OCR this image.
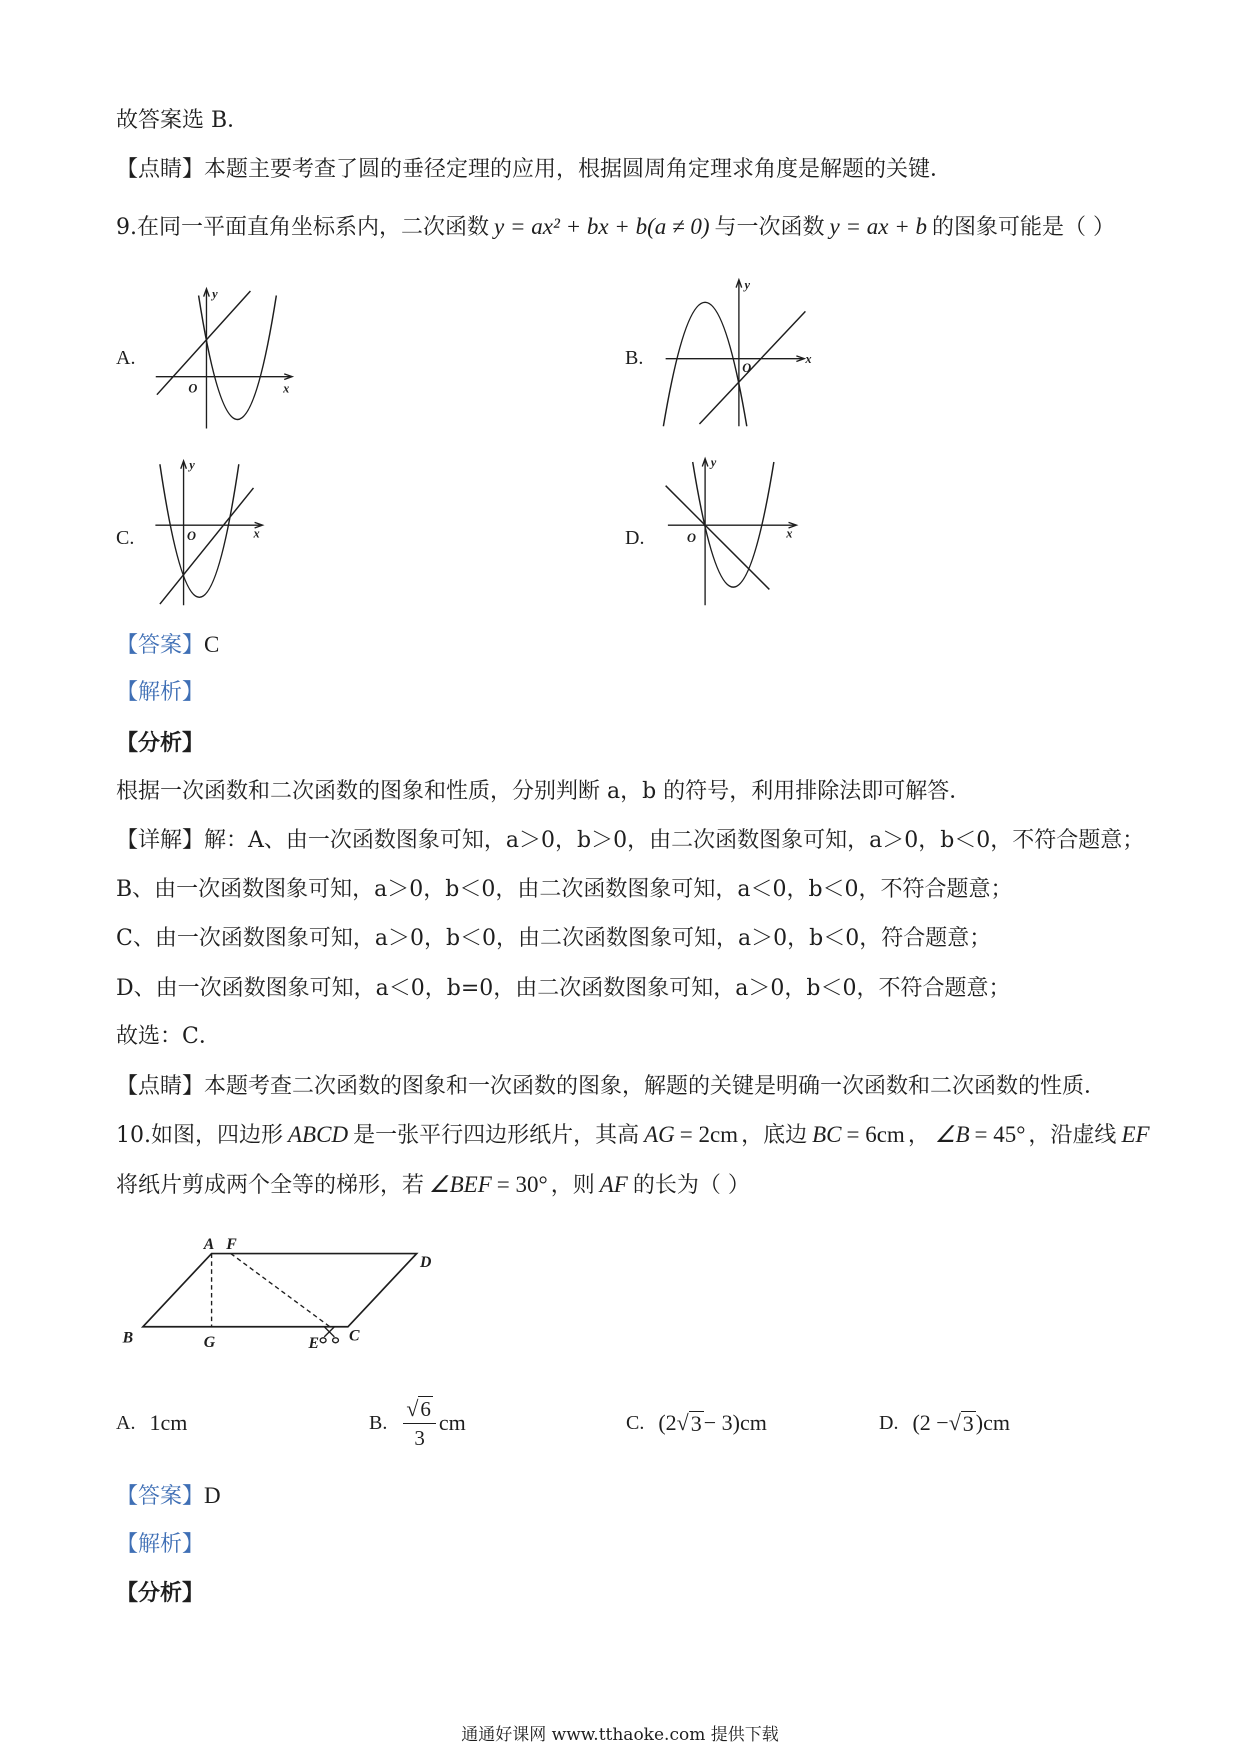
故答案选 B．
【点睛】本题主要考查了圆的垂径定理的应用，根据圆周角定理求角度是解题的关键．
9.在同一平面直角坐标系内，二次函数 y = ax² + bx + b(a ≠ 0) 与一次函数 y = ax + b 的图象可能是（ ）
A.	B.
C.	D.
y
x
O
y
x
O
y
x
O
y
x
O
【答案】C
【解析】
【分析】
根据一次函数和二次函数的图象和性质，分别判断 a，b 的符号，利用排除法即可解答．
【详解】解：A、由一次函数图象可知，a＞0，b＞0，由二次函数图象可知，a＞0，b＜0，不符合题意；
B、由一次函数图象可知，a＞0，b＜0，由二次函数图象可知，a＜0，b＜0，不符合题意；
C、由一次函数图象可知，a＞0，b＜0，由二次函数图象可知，a＞0，b＜0，符合题意；
D、由一次函数图象可知，a＜0，b=0，由二次函数图象可知，a＞0，b＜0，不符合题意；
故选：C．
【点睛】本题考查二次函数的图象和一次函数的图象，解题的关键是明确一次函数和二次函数的性质．
10.如图，四边形 ABCD 是一张平行四边形纸片，其高 AG = 2cm ，底边 BC = 6cm ， ∠B = 45° ，沿虚线 EF
将纸片剪成两个全等的梯形，若 ∠BEF = 30° ，则 AF 的长为（ ）
A F
D
B	G	E C
A. 1cm	B. $\frac{√6}{3}$ cm	C. (2 √ 3 − 3)cm	D. (2 − √ 3 )cm
【答案】D
【解析】
【分析】
通通好课网 www.tthaoke.com 提供下载
